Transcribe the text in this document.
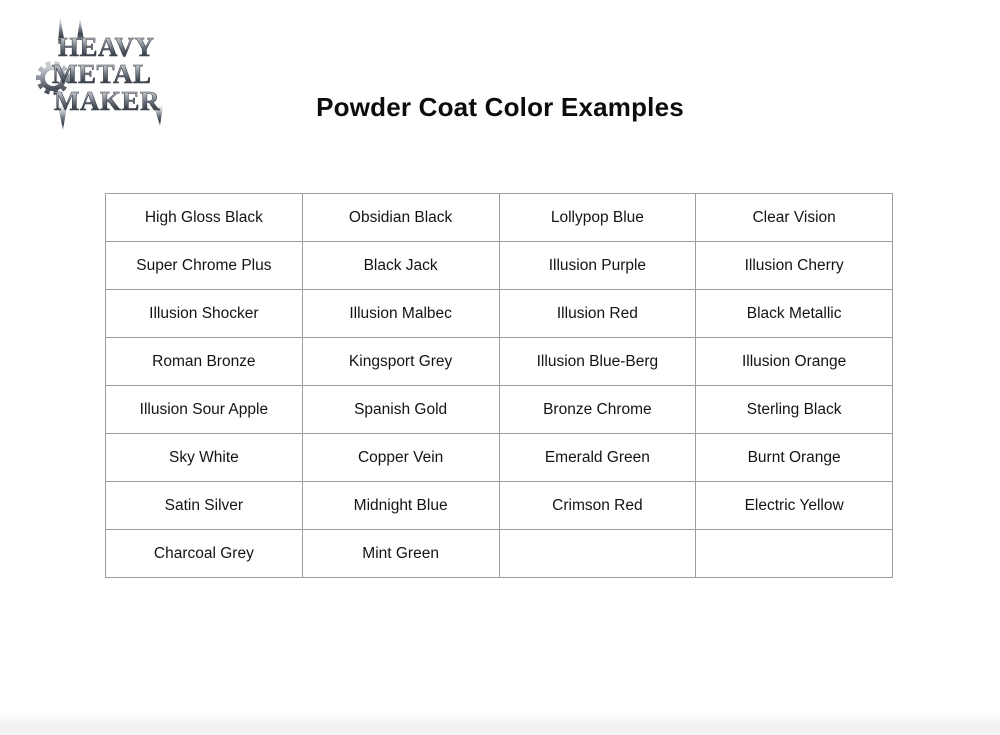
HEAVY
METAL
MAKER	Powder Coat Color Examples
High Gloss Black	Obsidian Black	Lollypop Blue	Clear Vision
Super Chrome Plus	Black Jack	Illusion Purple	Illusion Cherry
Illusion Shocker	Illusion Malbec	Illusion Red	Black Metallic
Roman Bronze	Kingsport Grey	Illusion Blue-Berg	Illusion Orange
Illusion Sour Apple	Spanish Gold	Bronze Chrome	Sterling Black
Sky White	Copper Vein	Emerald Green	Burnt Orange
Satin Silver	Midnight Blue	Crimson Red	Electric Yellow
Charcoal Grey	Mint Green		
